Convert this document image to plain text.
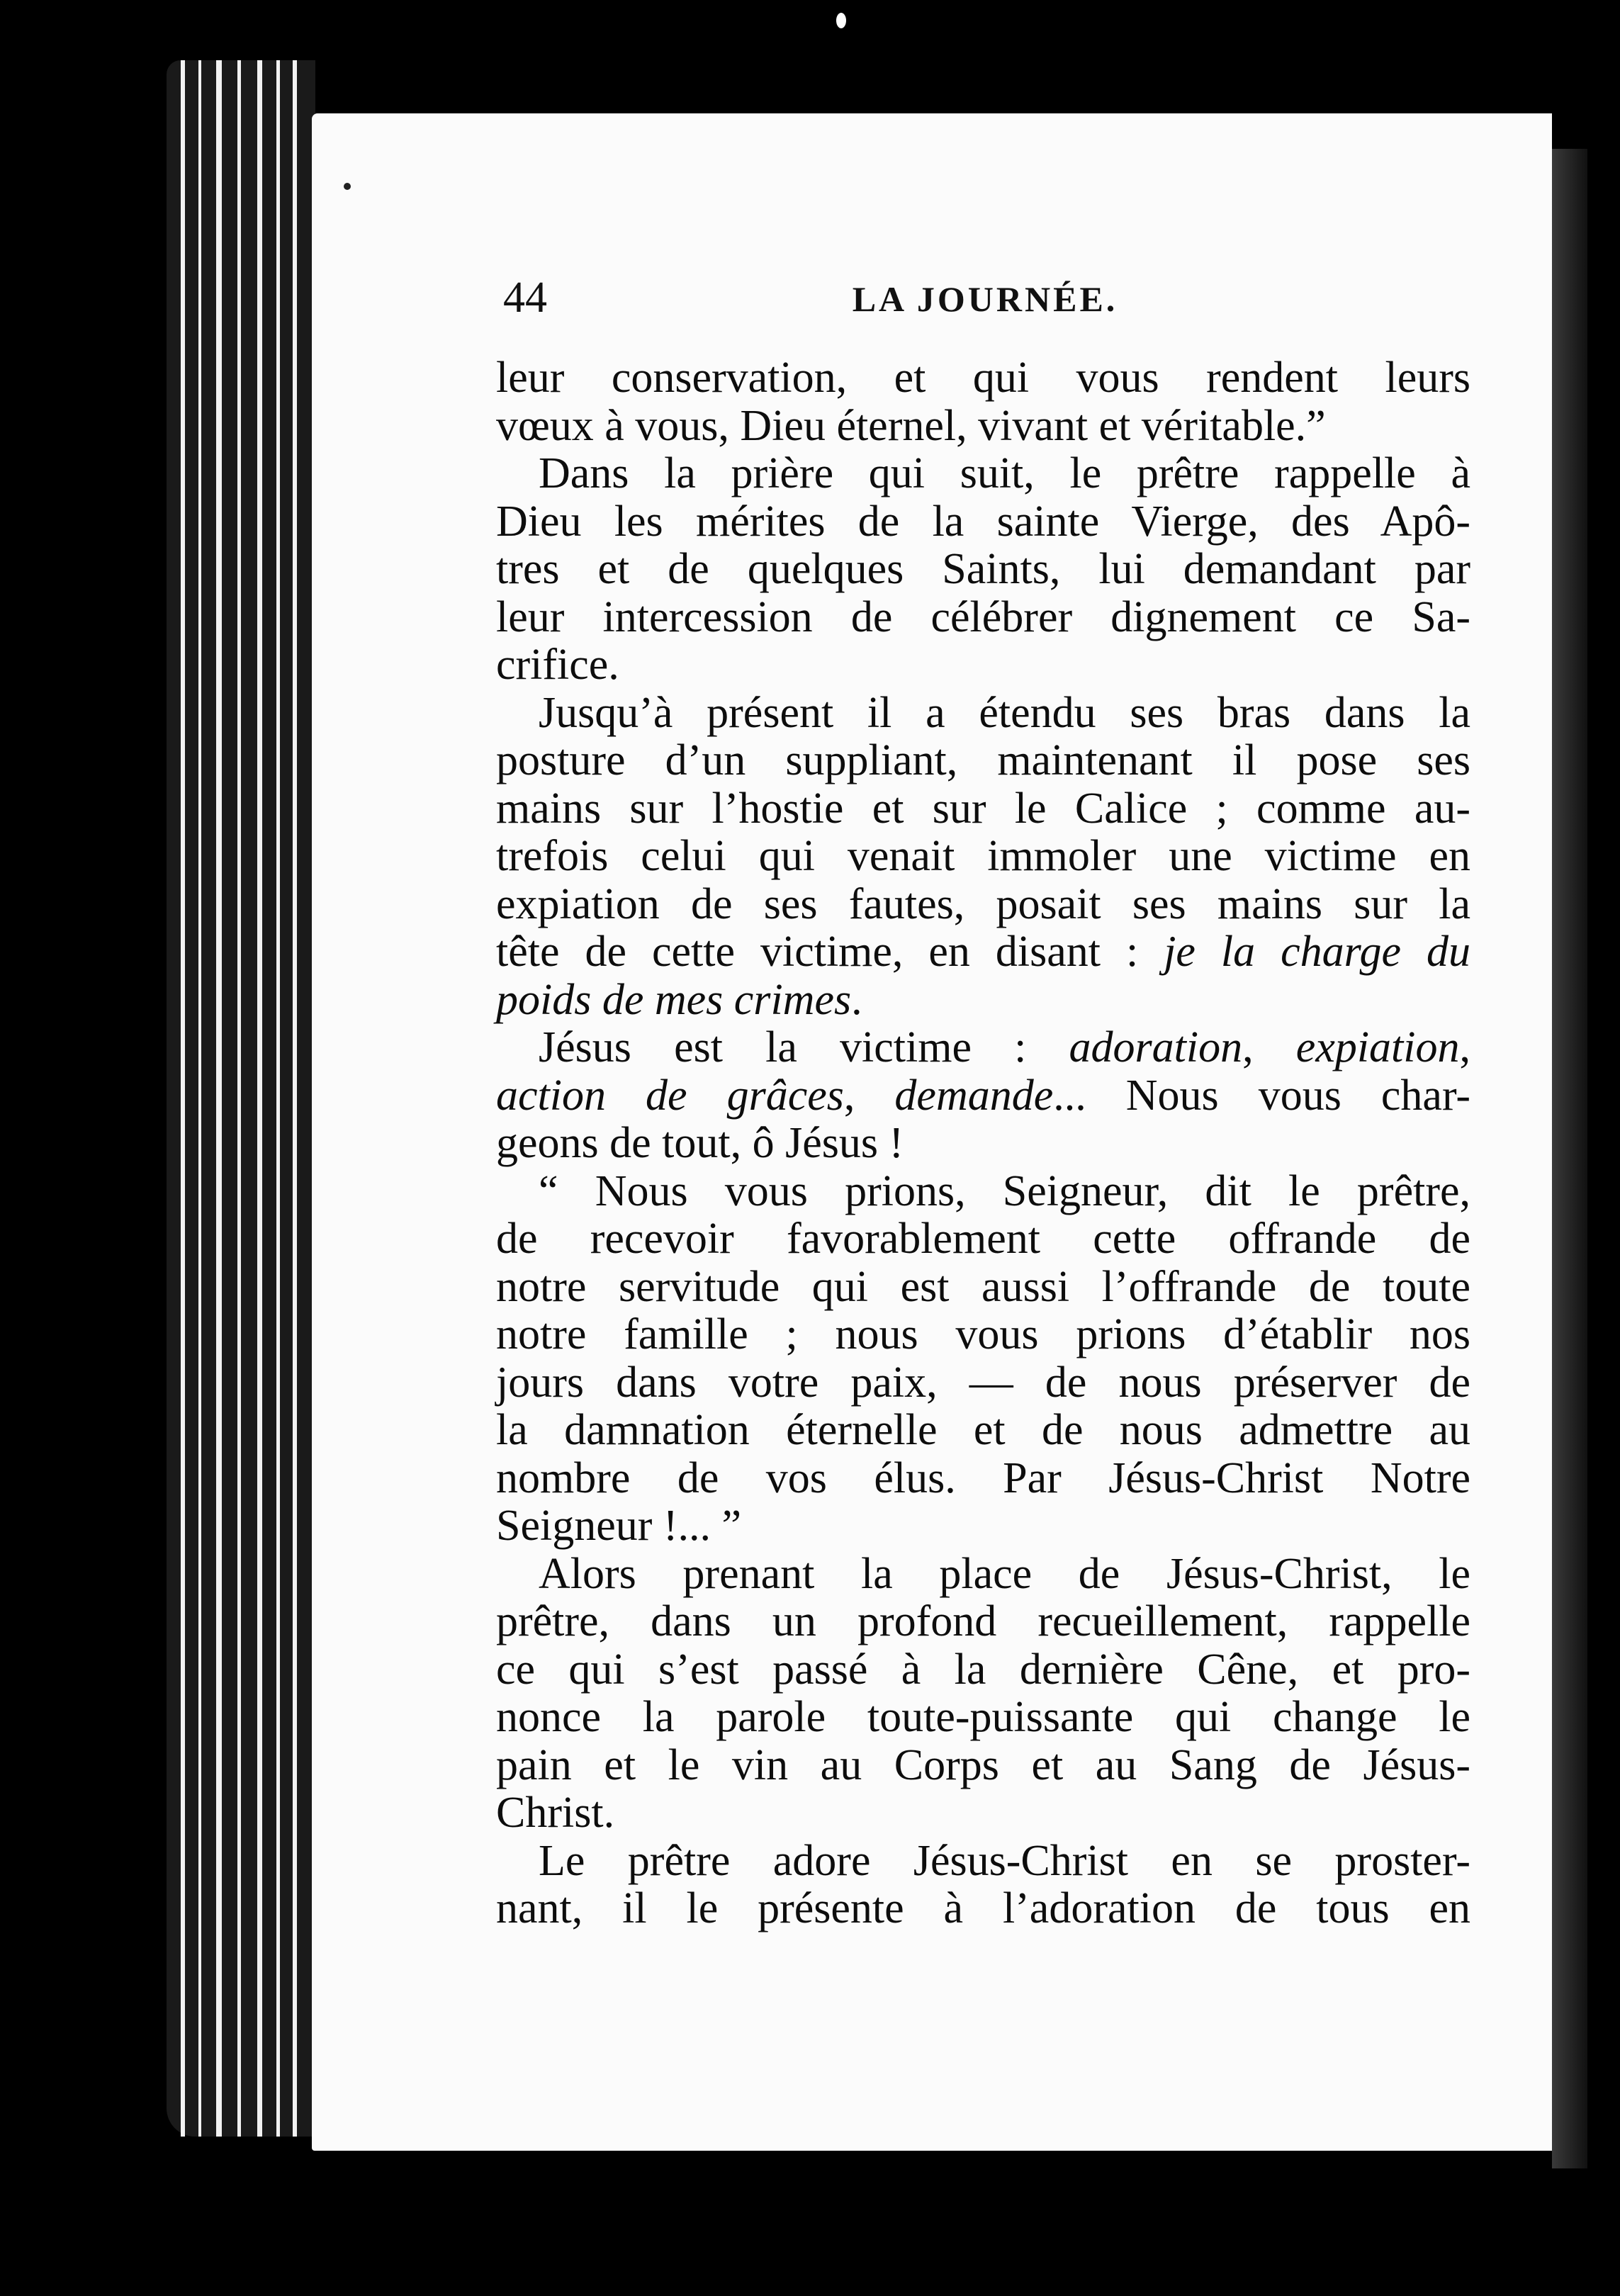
44	LA JOURNÉE.
leur conservation, et qui vous rendent leurs
vœux à vous, Dieu éternel, vivant et véritable.”
Dans la prière qui suit, le prêtre rappelle à
Dieu les mérites de la sainte Vierge, des Apô-
tres et de quelques Saints, lui demandant par
leur intercession de célébrer dignement ce Sa-
crifice.
Jusqu’à présent il a étendu ses bras dans la
posture d’un suppliant, maintenant il pose ses
mains sur l’hostie et sur le Calice ; comme au-
trefois celui qui venait immoler une victime en
expiation de ses fautes, posait ses mains sur la
tête de cette victime, en disant : je la charge du
poids de mes crimes.
Jésus est la victime : adoration, expiation,
action de grâces, demande... Nous vous char-
geons de tout, ô Jésus !
“ Nous vous prions, Seigneur, dit le prêtre,
de recevoir favorablement cette offrande de
notre servitude qui est aussi l’offrande de toute
notre famille ; nous vous prions d’établir nos
jours dans votre paix, — de nous préserver de
la damnation éternelle et de nous admettre au
nombre de vos élus. Par Jésus-Christ Notre
Seigneur !... ”
Alors prenant la place de Jésus-Christ, le
prêtre, dans un profond recueillement, rappelle
ce qui s’est passé à la dernière Cêne, et pro-
nonce la parole toute-puissante qui change le
pain et le vin au Corps et au Sang de Jésus-
Christ.
Le prêtre adore Jésus-Christ en se proster-
nant, il le présente à l’adoration de tous en
